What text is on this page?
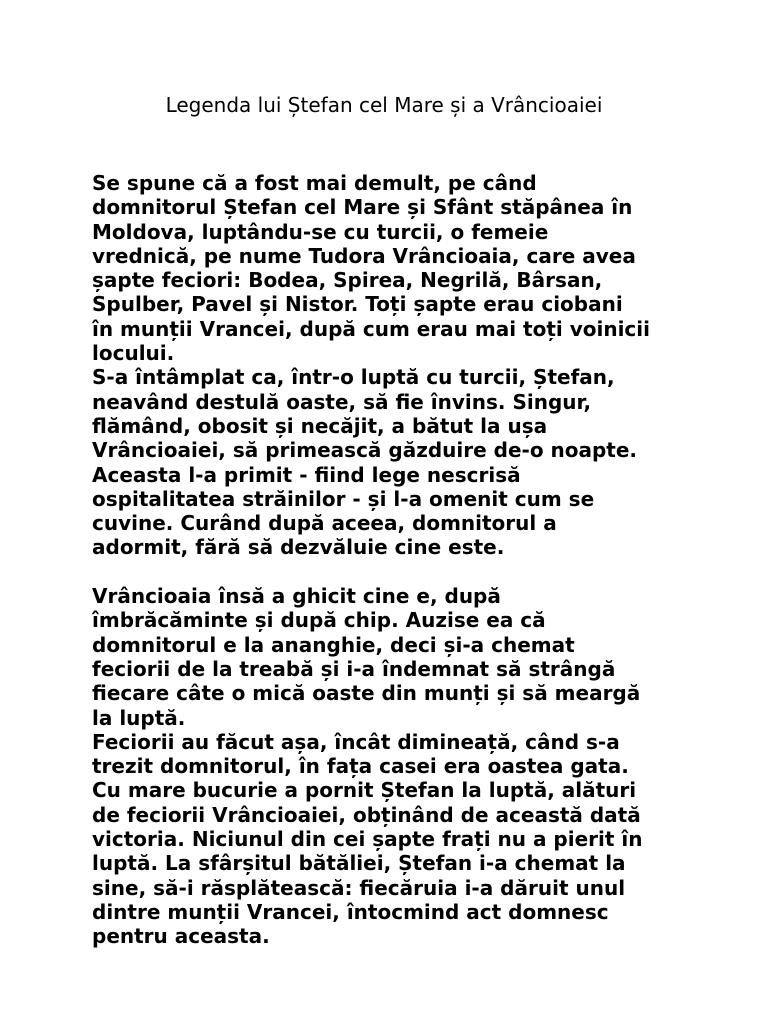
Legenda lui Ștefan cel Mare și a Vrâncioaiei
Se spune că a fost mai demult, pe când
domnitorul Ștefan cel Mare și Sfânt stăpânea în
Moldova, luptându-se cu turcii, o femeie
vrednică, pe nume Tudora Vrâncioaia, care avea
șapte feciori: Bodea, Spirea, Negrilă, Bârsan,
Spulber, Pavel și Nistor. Toți șapte erau ciobani
în munții Vrancei, după cum erau mai toți voinicii
locului.
S-a întâmplat ca, într-o luptă cu turcii, Ștefan,
neavând destulă oaste, să fie învins. Singur,
flămând, obosit și necăjit, a bătut la ușa
Vrâncioaiei, să primească găzduire de-o noapte.
Aceasta l-a primit - fiind lege nescrisă
ospitalitatea străinilor - și l-a omenit cum se
cuvine. Curând după aceea, domnitorul a
adormit, fără să dezvăluie cine este.
Vrâncioaia însă a ghicit cine e, după
îmbrăcăminte și după chip. Auzise ea că
domnitorul e la ananghie, deci și-a chemat
feciorii de la treabă și i-a îndemnat să strângă
fiecare câte o mică oaste din munți și să meargă
la luptă.
Feciorii au făcut așa, încât dimineață, când s-a
trezit domnitorul, în fața casei era oastea gata.
Cu mare bucurie a pornit Ștefan la luptă, alături
de feciorii Vrâncioaiei, obținând de această dată
victoria. Niciunul din cei șapte frați nu a pierit în
luptă. La sfârșitul bătăliei, Ștefan i-a chemat la
sine, să-i răsplătească: fiecăruia i-a dăruit unul
dintre munții Vrancei, întocmind act domnesc
pentru aceasta.
